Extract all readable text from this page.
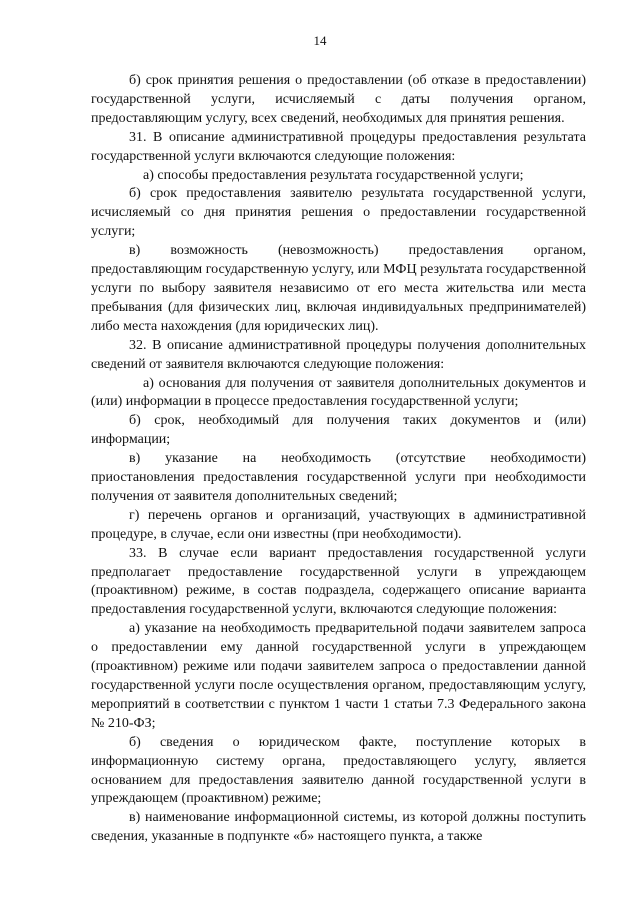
14

б) срок принятия решения о предоставлении (об отказе в предоставлении) государственной услуги, исчисляемый с даты получения органом, предоставляющим услугу, всех сведений, необходимых для принятия решения.

31. В описание административной процедуры предоставления результата государственной услуги включаются следующие положения:

а) способы предоставления результата государственной услуги;

б) срок предоставления заявителю результата государственной услуги, исчисляемый со дня принятия решения о предоставлении государственной услуги;

в) возможность (невозможность) предоставления органом, предоставляющим государственную услугу, или МФЦ результата государственной услуги по выбору заявителя независимо от его места жительства или места пребывания (для физических лиц, включая индивидуальных предпринимателей) либо места нахождения (для юридических лиц).

32. В описание административной процедуры получения дополнительных сведений от заявителя включаются следующие положения:

а) основания для получения от заявителя дополнительных документов и (или) информации в процессе предоставления государственной услуги;

б) срок, необходимый для получения таких документов и (или) информации;

в) указание на необходимость (отсутствие необходимости) приостановления предоставления государственной услуги при необходимости получения от заявителя дополнительных сведений;

г) перечень органов и организаций, участвующих в административной процедуре, в случае, если они известны (при необходимости).

33. В случае если вариант предоставления государственной услуги предполагает предоставление государственной услуги в упреждающем (проактивном) режиме, в состав подраздела, содержащего описание варианта предоставления государственной услуги, включаются следующие положения:

а) указание на необходимость предварительной подачи заявителем запроса о предоставлении ему данной государственной услуги в упреждающем (проактивном) режиме или подачи заявителем запроса о предоставлении данной государственной услуги после осуществления органом, предоставляющим услугу, мероприятий в соответствии с пунктом 1 части 1 статьи 7.3 Федерального закона № 210-ФЗ;

б) сведения о юридическом факте, поступление которых в информационную систему органа, предоставляющего услугу, является основанием для предоставления заявителю данной государственной услуги в упреждающем (проактивном) режиме;

в) наименование информационной системы, из которой должны поступить сведения, указанные в подпункте «б» настоящего пункта, а также
